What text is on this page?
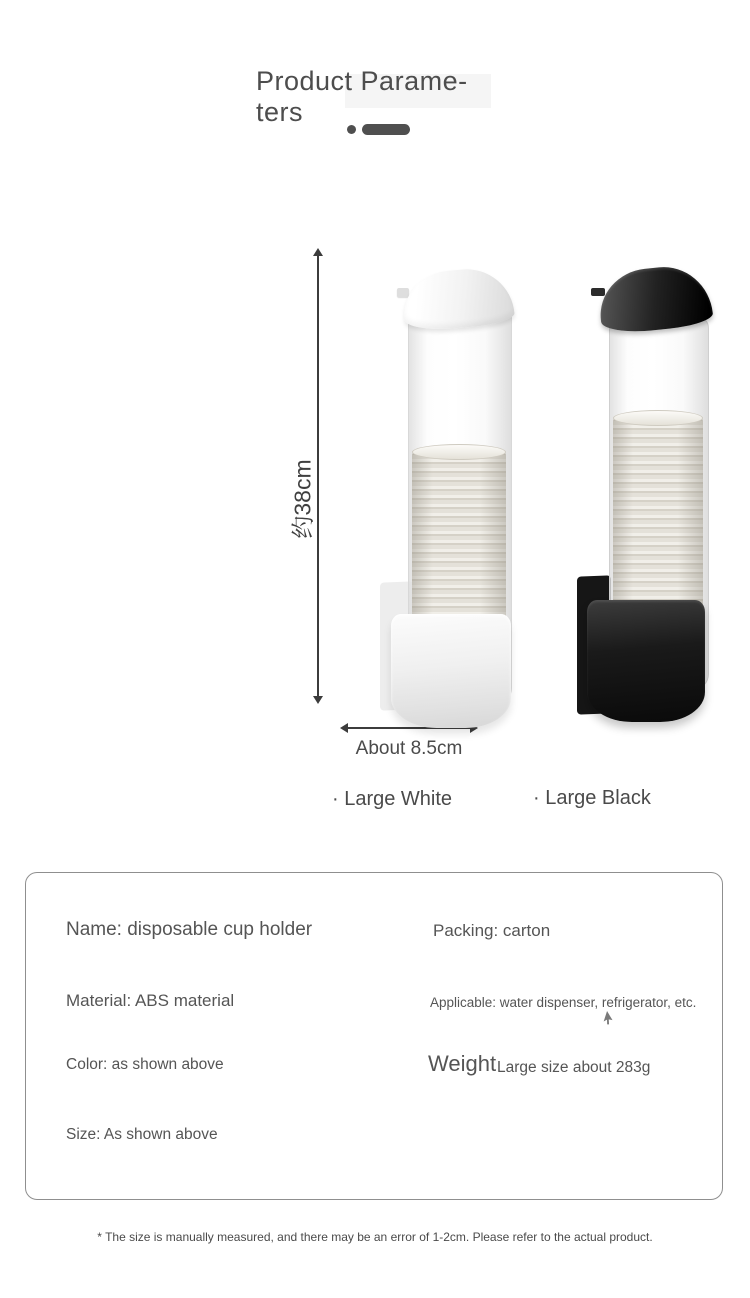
Product Parame-
ters
约38cm
About 8.5cm
· Large White	· Large Black
Name: disposable cup holder	Packing: carton
Material: ABS material	Applicable: water dispenser, refrigerator, etc.
Color: as shown above	Weight Large size about 283g
Size: As shown above

* The size is manually measured, and there may be an error of 1-2cm. Please refer to the actual product.
